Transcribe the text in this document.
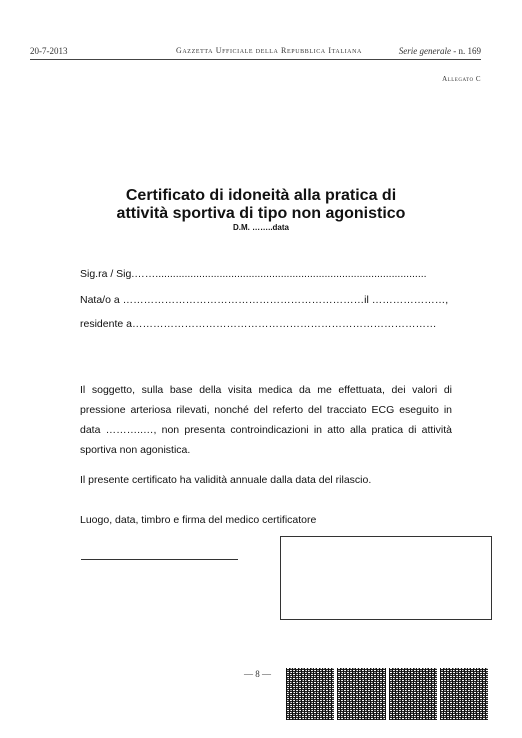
20-7-2013	Gazzetta Ufficiale della Repubblica Italiana	Serie generale - n. 169
Allegato C
Certificato di idoneità alla pratica di
attività sportiva di tipo non agonistico
D.M. ……..data
Sig.ra / Sig.…….............................................................................................
Nata/o a ……………………………………………………………il …………………,
residente a……………………………………………………………………………
Il soggetto, sulla base della visita medica da me effettuata, dei valori di pressione arteriosa rilevati, nonché del referto del tracciato ECG eseguito in data ………..…, non presenta controindicazioni in atto alla pratica di attività sportiva non agonistica.
Il presente certificato ha validità annuale dalla data del rilascio.
Luogo, data, timbro e firma del medico certificatore
— 8 —
